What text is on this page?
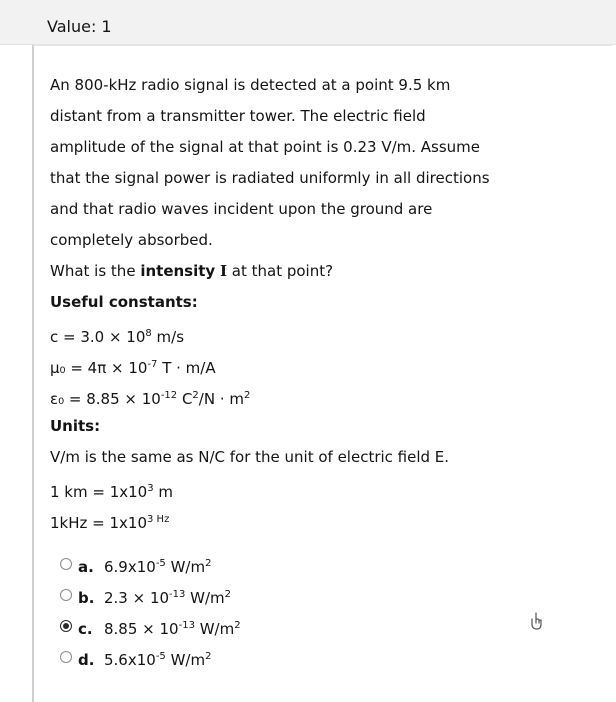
Value: 1
An 800-kHz radio signal is detected at a point 9.5 km
distant from a transmitter tower. The electric field
amplitude of the signal at that point is 0.23 V/m. Assume
that the signal power is radiated uniformly in all directions
and that radio waves incident upon the ground are
completely absorbed.
What is the intensity I at that point?
Useful constants:
$c = 3.0 \times 10^8$ m/s
$\mu_0 = 4\pi \times 10^{-7}$ T · m/A
$\varepsilon_0 = 8.85 \times 10^{-12}$ $C^2/N \cdot m^2$
Units:
V/m is the same as N/C for the unit of electric field E.
1 km = $1x10^3$ m
$1kHz = 1x10^3$ $^{Hz}$
a. $6.9x10^{-5}$ $W/m^2$
b. $2.3 \times 10^{-13}$ $W/m^2$
c. $8.85 \times 10^{-13}$ $W/m^2$
d. $5.6x10^{-5}$ $W/m^2$
